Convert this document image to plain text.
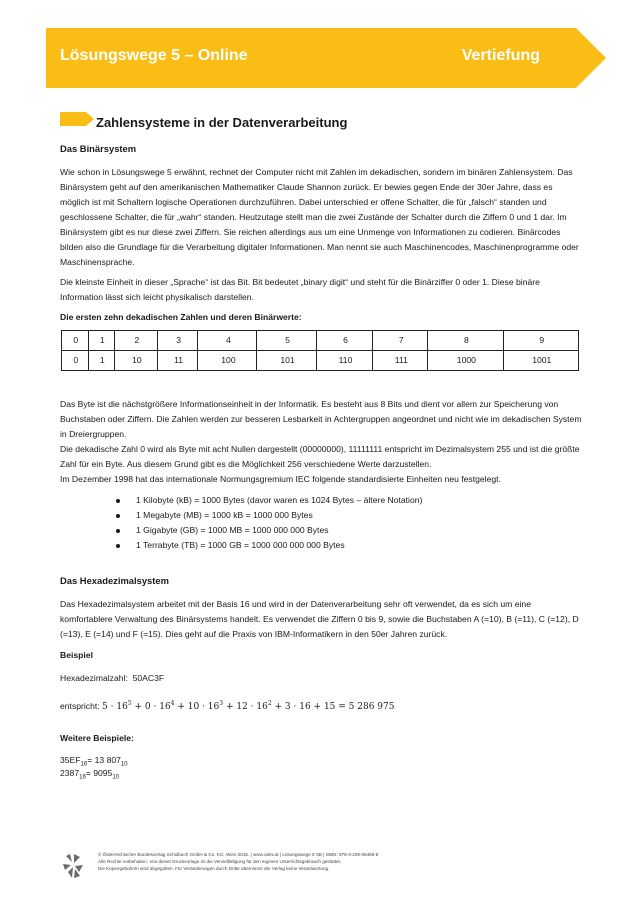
Lösungswege 5 – Online	Vertiefung
Zahlensysteme in der Datenverarbeitung
Das Binärsystem

Wie schon in Lösungswege 5 erwähnt, rechnet der Computer nicht mit Zahlen im dekadischen, sondern im binären Zahlensystem. Das Binärsystem geht auf den amerikanischen Mathematiker Claude Shannon zurück. Er bewies gegen Ende der 30er Jahre, dass es möglich ist mit Schaltern logische Operationen durchzuführen. Dabei unterschied er offene Schalter, die für „falsch“ standen und geschlossene Schalter, die für „wahr“ standen. Heutzutage stellt man die zwei Zustände der Schalter durch die Ziffern 0 und 1 dar. Im Binärsystem gibt es nur diese zwei Ziffern. Sie reichen allerdings aus um eine Unmenge von Informationen zu codieren. Binärcodes bilden also die Grundlage für die Verarbeitung digitaler Informationen. Man nennt sie auch Maschinencodes, Maschinenprogramme oder Maschinensprache.

Die kleinste Einheit in dieser „Sprache“ ist das Bit. Bit bedeutet „binary digit“ und steht für die Binärziffer 0 oder 1. Diese binäre Information lässt sich leicht physikalisch darstellen.

Die ersten zehn dekadischen Zahlen und deren Binärwerte:

0	1	2	3	4	5	6	7	8	9
0	1	10	11	100	101	110	111	1000	1001

Das Byte ist die nächstgrößere Informationseinheit in der Informatik. Es besteht aus 8 Bits und dient vor allem zur Speicherung von Buchstaben oder Ziffern. Die Zahlen werden zur besseren Lesbarkeit in Achtergruppen angeordnet und nicht wie im dekadischen System in Dreiergruppen.

Die dekadische Zahl 0 wird als Byte mit acht Nullen dargestellt (00000000), 11111111 entspricht im Dezimalsystem 255 und ist die größte Zahl für ein Byte. Aus diesem Grund gibt es die Möglichkeit 256 verschiedene Werte darzustellen.

Im Dezember 1998 hat das internationale Normungsgremium IEC folgende standardisierte Einheiten neu festgelegt.

1 Kilobyte (kB) = 1000 Bytes (davor waren es 1024 Bytes – ältere Notation)
1 Megabyte (MB) = 1000 kB = 1000 000 Bytes
1 Gigabyte (GB) = 1000 MB = 1000 000 000 Bytes
1 Terrabyte (TB) = 1000 GB = 1000 000 000 000 Bytes
Das Hexadezimalsystem

Das Hexadezimalsystem arbeitet mit der Basis 16 und wird in der Datenverarbeitung sehr oft verwendet, da es sich um eine komfortablere Verwaltung des Binärsystems handelt. Es verwendet die Ziffern 0 bis 9, sowie die Buchstaben A (=10), B (=11), C (=12), D (=13), E (=14) und F (=15). Dies geht auf die Praxis von IBM-Informatikern in den 50er Jahren zurück.

Beispiel

Hexadezimalzahl: 50AC3F

entspricht: $5 \cdot 16^5 + 0 \cdot 16^4 + 10 \cdot 16^3 + 12 \cdot 16^2 + 3 \cdot 16 + 15 = 5$ 286 975

Weitere Beispiele:

$35EF_{16}= 13$ $807_{10}$

$2387_{16}= 9095_{10}$

© Österreichischer Bundesverlag Schulbuch GmbH & Co. KG, Wien 2015. | www.oebv.at | Lösungswege 5 SB | ISBN: 978-3-209-08466-8
Alle Rechte vorbehalten. Von dieser Druckvorlage ist die Vervielfältigung für den eigenen Unterrichtsgebrauch gestattet.
Die Kopiergebühren sind abgegolten. Für Veränderungen durch Dritte übernimmt der Verlag keine Verantwortung.
